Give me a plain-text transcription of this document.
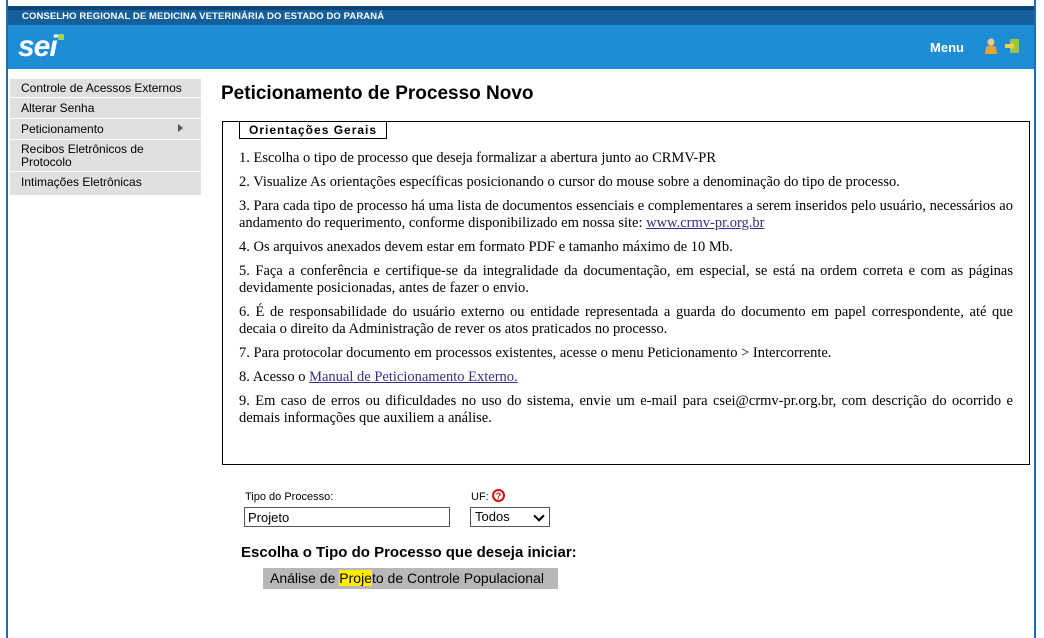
CONSELHO REGIONAL DE MEDICINA VETERINÁRIA DO ESTADO DO PARANÁ
sei	Menu
Controle de Acessos Externos
Alterar Senha
Peticionamento
Recibos Eletrônicos de Protocolo
Intimações Eletrônicas
Peticionamento de Processo Novo
Orientações Gerais

1. Escolha o tipo de processo que deseja formalizar a abertura junto ao CRMV-PR

2. Visualize As orientações específicas posicionando o cursor do mouse sobre a denominação do tipo de processo.

3. Para cada tipo de processo há uma lista de documentos essenciais e complementares a serem inseridos pelo usuário, necessários ao andamento do requerimento, conforme disponibilizado em nossa site: www.crmv-pr.org.br

4. Os arquivos anexados devem estar em formato PDF e tamanho máximo de 10 Mb.

5. Faça a conferência e certifique-se da integralidade da documentação, em especial, se está na ordem correta e com as páginas devidamente posicionadas, antes de fazer o envio.

6. É de responsabilidade do usuário externo ou entidade representada a guarda do documento em papel correspondente, até que decaia o direito da Administração de rever os atos praticados no processo.

7. Para protocolar documento em processos existentes, acesse o menu Peticionamento > Intercorrente.

8. Acesso o Manual de Peticionamento Externo.

9. Em caso de erros ou dificuldades no uso do sistema, envie um e-mail para csei@crmv-pr.org.br, com descrição do ocorrido e demais informações que auxiliem a análise.

Tipo do Processo:
Projeto
UF: ?
Todos
Escolha o Tipo do Processo que deseja iniciar:
Análise de Projeto de Controle Populacional
